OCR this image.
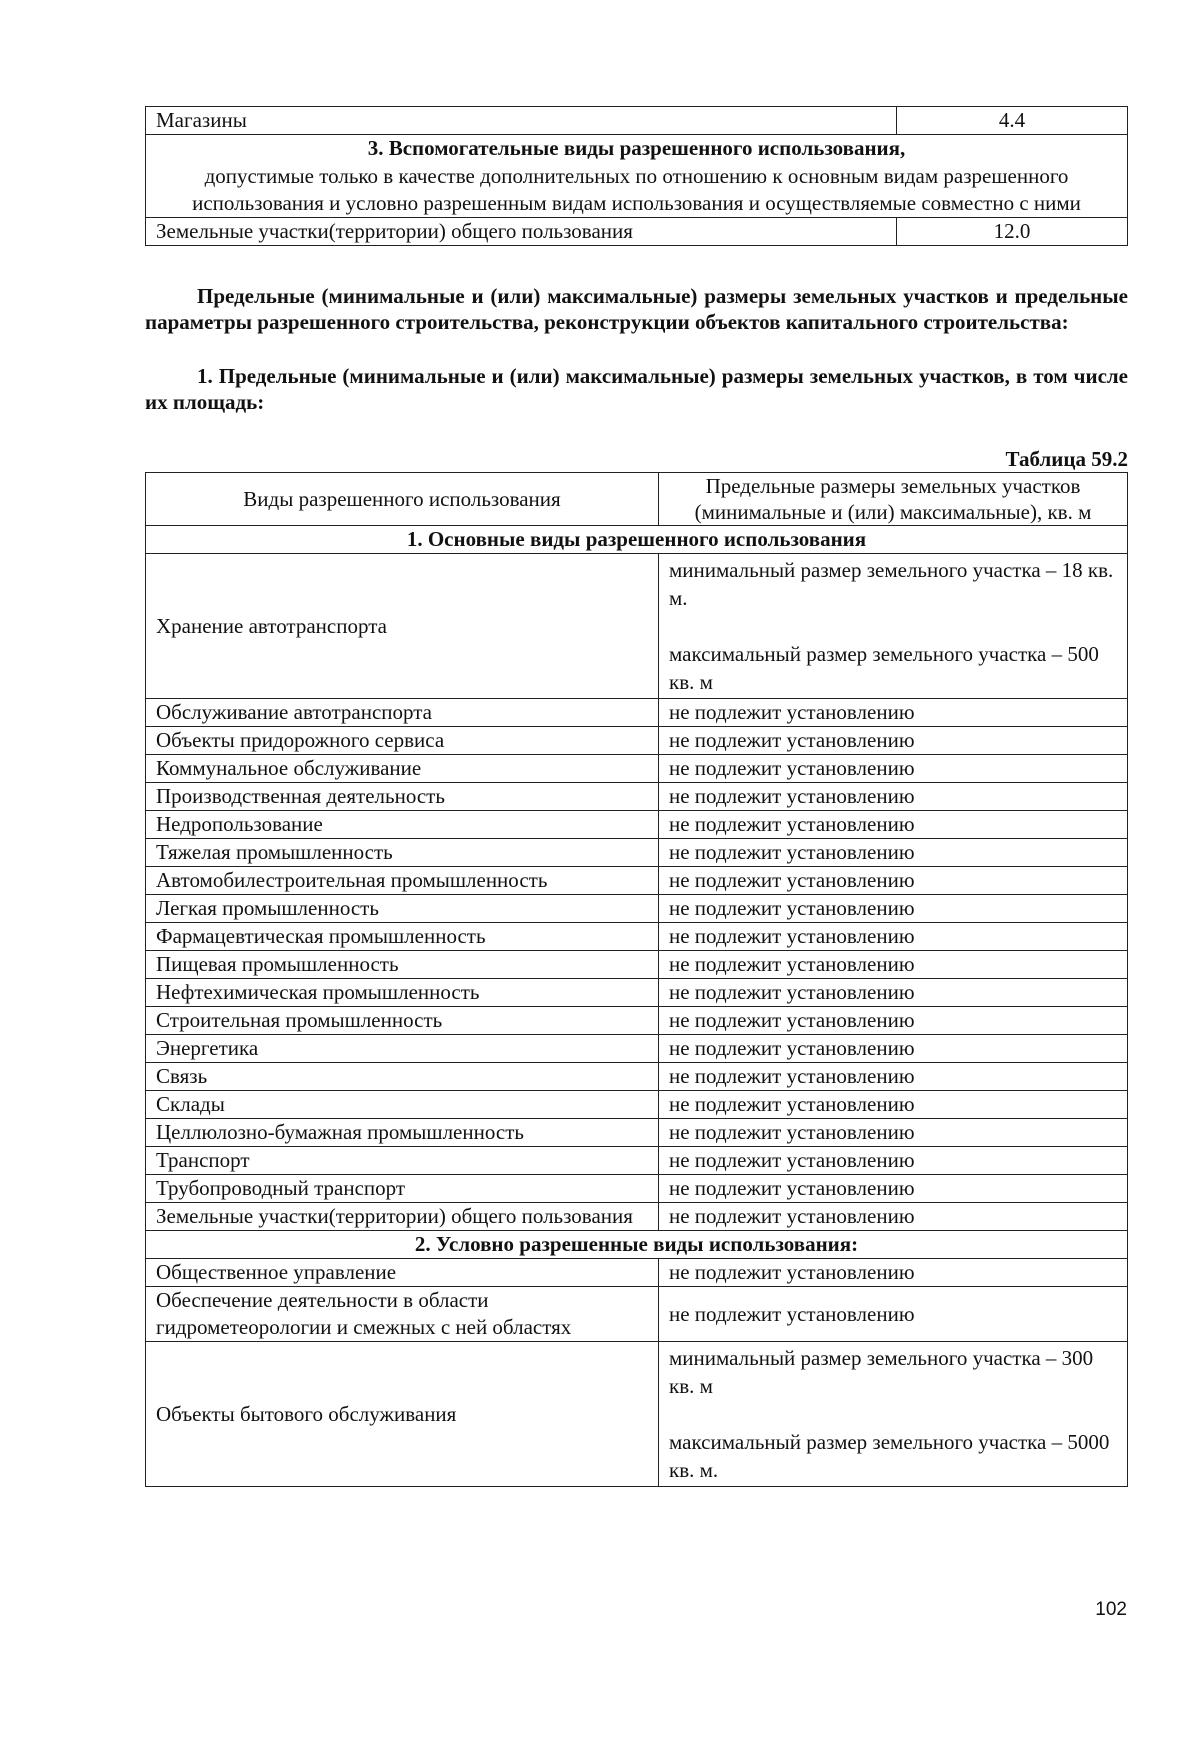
Магазины	4.4

3. Вспомогательные виды разрешенного использования,
допустимые только в качестве дополнительных по отношению к основным видам разрешенного использования и условно разрешенным видам использования и осуществляемые совместно с ними	

Земельные участки(территории) общего пользования	12.0
Предельные (минимальные и (или) максимальные) размеры земельных участков и предельные параметры разрешенного строительства, реконструкции объектов капитального строительства:
1. Предельные (минимальные и (или) максимальные) размеры земельных участков, в том числе их площадь:
Таблица 59.2
Виды разрешенного использования	Предельные размеры земельных участков (минимальные и (или) максимальные), кв. м
1. Основные виды разрешенного использования	
Хранение автотранспорта	минимальный размер земельного участка – 18 кв. м.
максимальный размер земельного участка – 500 кв. м

Обслуживание автотранспорта	не подлежит установлению
Объекты придорожного сервиса	не подлежит установлению
Коммунальное обслуживание	не подлежит установлению
Производственная деятельность	не подлежит установлению
Недропользование	не подлежит установлению
Тяжелая промышленность	не подлежит установлению
Автомобилестроительная промышленность	не подлежит установлению
Легкая промышленность	не подлежит установлению
Фармацевтическая промышленность	не подлежит установлению
Пищевая промышленность	не подлежит установлению
Нефтехимическая промышленность	не подлежит установлению
Строительная промышленность	не подлежит установлению
Энергетика	не подлежит установлению
Связь	не подлежит установлению
Склады	не подлежит установлению
Целлюлозно-бумажная промышленность	не подлежит установлению
Транспорт	не подлежит установлению
Трубопроводный транспорт	не подлежит установлению
Земельные участки(территории) общего пользования	не подлежит установлению
2. Условно разрешенные виды использования:	
Общественное управление	не подлежит установлению
Обеспечение деятельности в области гидрометеорологии и смежных с ней областях	не подлежит установлению
Объекты бытового обслуживания	минимальный размер земельного участка – 300 кв. м
максимальный размер земельного участка – 5000 кв. м.
102
